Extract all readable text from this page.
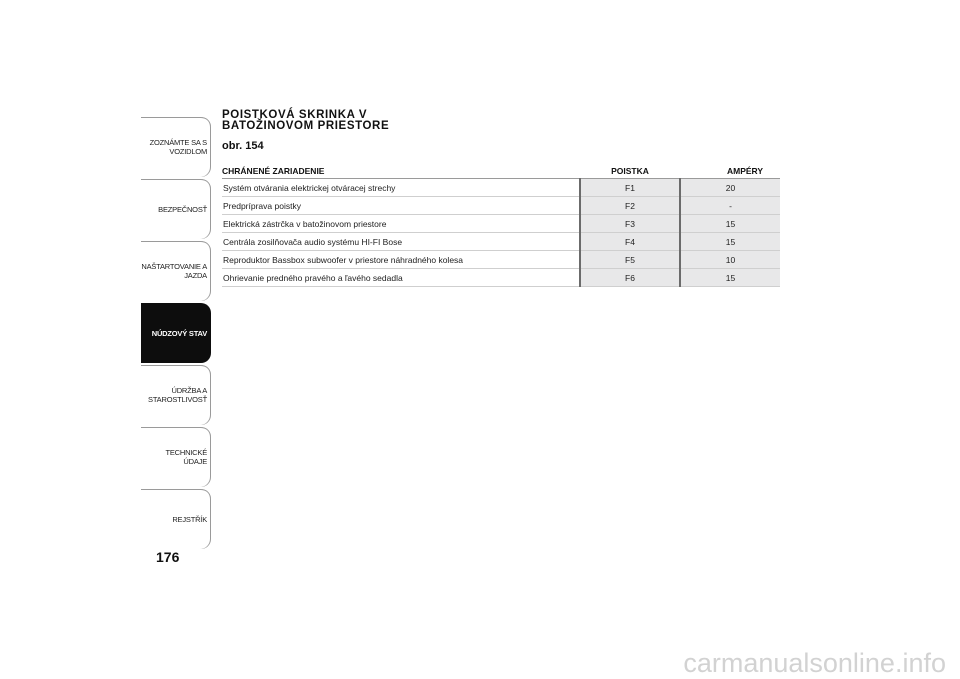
ZOZNÁMTE SA S
VOZIDLOM
BEZPEČNOSŤ
NAŠTARTOVANIE A
JAZDA
NÚDZOVÝ STAV
ÚDRŽBA A
STAROSTLIVOSŤ
TECHNICKÉ ÚDAJE
REJSTŘÍK
176
POISTKOVÁ SKRINKA V
BATOŽINOVOM PRIESTORE
obr. 154
CHRÁNENÉ ZARIADENIE	POISTKA	AMPÉRY
Systém otvárania elektrickej otváracej strechy	F1	20
Predpríprava poistky	F2	-
Elektrická zástrčka v batožinovom priestore	F3	15
Centrála zosilňovača audio systému HI-FI Bose	F4	15
Reproduktor Bassbox subwoofer v priestore náhradného kolesa	F5	10
Ohrievanie predného pravého a ľavého sedadla	F6	15
carmanualsonline.info
